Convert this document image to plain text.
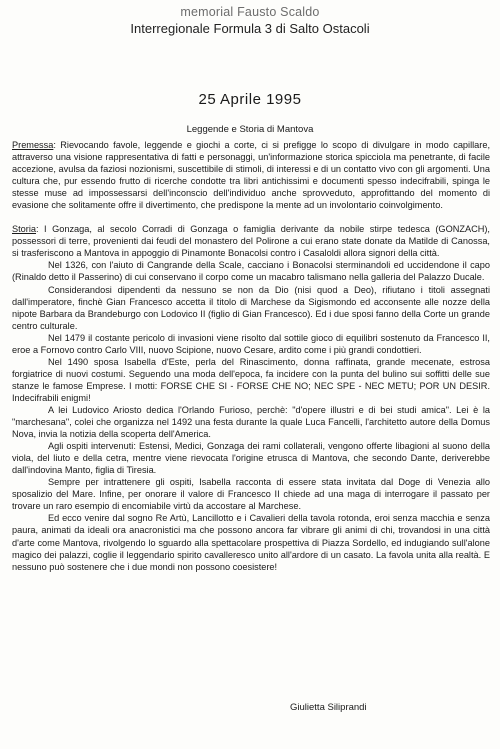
memorial Fausto Scaldo
Interregionale Formula 3 di Salto Ostacoli
25 Aprile 1995
Leggende e Storia di Mantova

Premessa: Rievocando favole, leggende e giochi a corte, ci si prefigge lo scopo di divulgare in modo capillare, attraverso una visione rappresentativa di fatti e personaggi, un'informazione storica spicciola ma penetrante, di facile accezione, avulsa da faziosi nozionismi, suscettibile di stimoli, di interessi e di un contatto vivo con gli argomenti. Una cultura che, pur essendo frutto di ricerche condotte tra libri antichissimi e documenti spesso indecifrabili, spinga le stesse muse ad impossessarsi dell'inconscio dell'individuo anche sprovveduto, approfittando del momento di evasione che solitamente offre il divertimento, che predispone la mente ad un involontario coinvolgimento.

Storia: I Gonzaga, al secolo Corradi di Gonzaga o famiglia derivante da nobile stirpe tedesca (GONZACH), possessori di terre, provenienti dai feudi del monastero del Polirone a cui erano state donate da Matilde di Canossa, si trasferiscono a Mantova in appoggio di Pinamonte Bonacolsi contro i Casaloldi allora signori della città.

Nel 1326, con l'aiuto di Cangrande della Scale, cacciano i Bonacolsi sterminandoli ed uccidendone il capo (Rinaldo detto il Passerino) di cui conservano il corpo come un macabro talismano nella galleria del Palazzo Ducale.

Considerandosi dipendenti da nessuno se non da Dio (nisi quod a Deo), rifiutano i titoli assegnati dall'imperatore, finchè Gian Francesco accetta il titolo di Marchese da Sigismondo ed acconsente alle nozze della nipote Barbara da Brandeburgo con Lodovico II (figlio di Gian Francesco). Ed i due sposi fanno della Corte un grande centro culturale.

Nel 1479 il costante pericolo di invasioni viene risolto dal sottile gioco di equilibri sostenuto da Francesco II, eroe a Fornovo contro Carlo VIII, nuovo Scipione, nuovo Cesare, ardito come i più grandi condottieri.

Nel 1490 sposa Isabella d'Este, perla del Rinascimento, donna raffinata, grande mecenate, estrosa forgiatrice di nuovi costumi. Seguendo una moda dell'epoca, fa incidere con la punta del bulino sui soffitti delle sue stanze le famose Emprese. I motti: FORSE CHE SI - FORSE CHE NO; NEC SPE - NEC METU; POR UN DESIR. Indecifrabili enigmi!

A lei Ludovico Ariosto dedica l'Orlando Furioso, perchè: "d'opere illustri e di bei studi amica". Lei è la "marchesana", colei che organizza nel 1492 una festa durante la quale Luca Fancelli, l'architetto autore della Domus Nova, invia la notizia della scoperta dell'America.

Agli ospiti intervenuti: Estensi, Medici, Gonzaga dei rami collaterali, vengono offerte libagioni al suono della viola, del liuto e della cetra, mentre viene rievocata l'origine etrusca di Mantova, che secondo Dante, deriverebbe dall'indovina Manto, figlia di Tiresia.

Sempre per intrattenere gli ospiti, Isabella racconta di essere stata invitata dal Doge di Venezia allo sposalizio del Mare. Infine, per onorare il valore di Francesco II chiede ad una maga di interrogare il passato per trovare un raro esempio di encomiabile virtù da accostare al Marchese.

Ed ecco venire dal sogno Re Artù, Lancillotto e i Cavalieri della tavola rotonda, eroi senza macchia e senza paura, animati da ideali ora anacronistici ma che possono ancora far vibrare gli animi di chi, trovandosi in una città d'arte come Mantova, rivolgendo lo sguardo alla spettacolare prospettiva di Piazza Sordello, ed indugiando sull'alone magico dei palazzi, coglie il leggendario spirito cavalleresco unito all'ardore di un casato. La favola unita alla realtà. E nessuno può sostenere che i due mondi non possono coesistere!

Giulietta Siliprandi
